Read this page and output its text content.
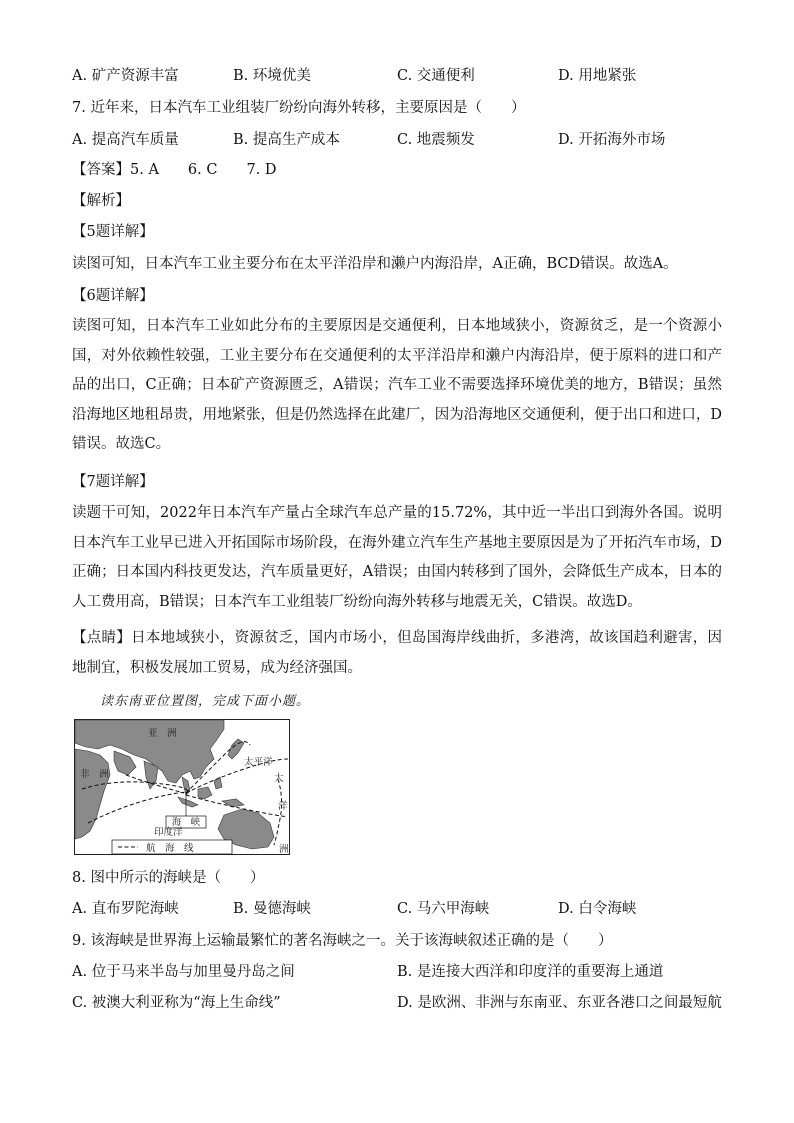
A. 矿产资源丰富	B. 环境优美	C. 交通便利	D. 用地紧张
7. 近年来，日本汽车工业组装厂纷纷向海外转移，主要原因是（　　）
A. 提高汽车质量	B. 提高生产成本	C. 地震频发	D. 开拓海外市场
【答案】5. A　　6. C　　7. D
【解析】
【5题详解】
读图可知，日本汽车工业主要分布在太平洋沿岸和濑户内海沿岸，A正确，BCD错误。故选A。
【6题详解】
读图可知，日本汽车工业如此分布的主要原因是交通便利，日本地域狭小，资源贫乏，是一个资源小国，对外依赖性较强，工业主要分布在交通便利的太平洋沿岸和濑户内海沿岸，便于原料的进口和产品的出口，C正确；日本矿产资源匮乏，A错误；汽车工业不需要选择环境优美的地方，B错误；虽然沿海地区地租昂贵，用地紧张，但是仍然选择在此建厂，因为沿海地区交通便利，便于出口和进口，D错误。故选C。
【7题详解】
读题干可知，2022年日本汽车产量占全球汽车总产量的15.72%，其中近一半出口到海外各国。说明日本汽车工业早已进入开拓国际市场阶段，在海外建立汽车生产基地主要原因是为了开拓汽车市场，D正确；日本国内科技更发达，汽车质量更好，A错误；由国内转移到了国外，会降低生产成本，日本的人工费用高，B错误；日本汽车工业组装厂纷纷向海外转移与地震无关，C错误。故选D。
【点睛】日本地域狭小，资源贫乏，国内市场小，但岛国海岸线曲折，多港湾，故该国趋利避害，因地制宜，积极发展加工贸易，成为经济强国。
读东南亚位置图，完成下面小题。
海　峡
亚　洲
非　洲
太平洋
大
洋
印度洋
洲
航　海　线
8. 图中所示的海峡是（　　）
A. 直布罗陀海峡	B. 曼德海峡	C. 马六甲海峡	D. 白令海峡
9. 该海峡是世界海上运输最繁忙的著名海峡之一。关于该海峡叙述正确的是（　　）
A. 位于马来半岛与加里曼丹岛之间	B. 是连接大西洋和印度洋的重要海上通道
C. 被澳大利亚称为“海上生命线”	D. 是欧洲、非洲与东南亚、东亚各港口之间最短航
